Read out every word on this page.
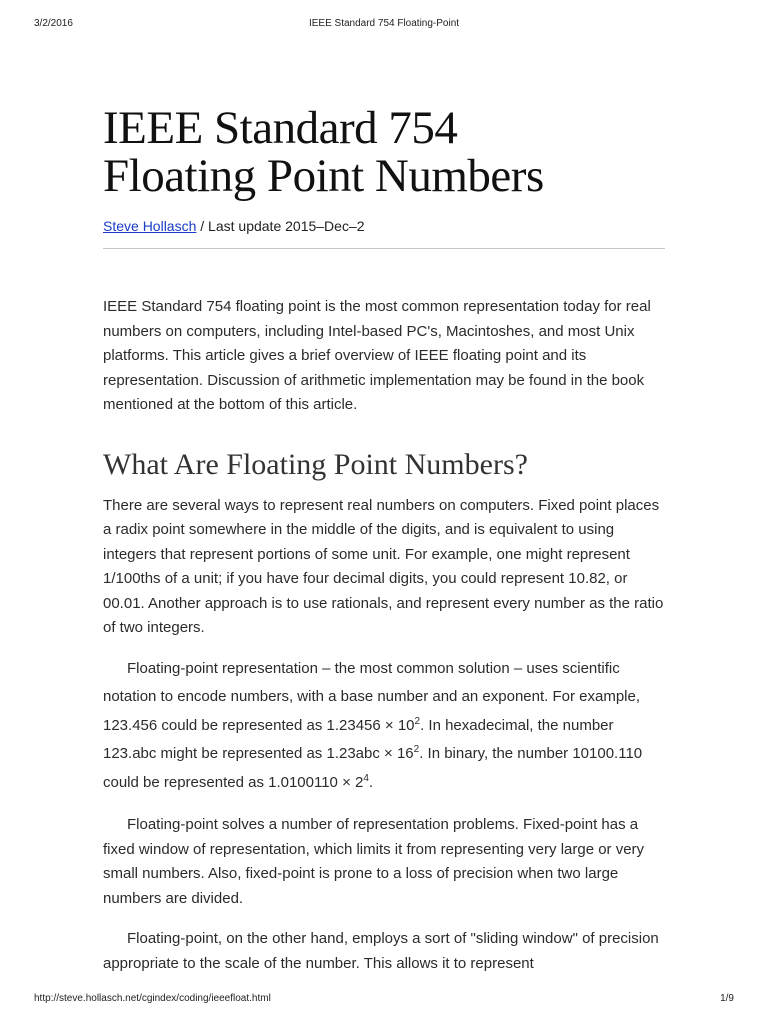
3/2/2016	IEEE Standard 754 Floating-Point
IEEE Standard 754
Floating Point Numbers
Steve Hollasch / Last update 2015–Dec–2

IEEE Standard 754 floating point is the most common representation today for real numbers on computers, including Intel-based PC's, Macintoshes, and most Unix platforms. This article gives a brief overview of IEEE floating point and its representation. Discussion of arithmetic implementation may be found in the book mentioned at the bottom of this article.

What Are Floating Point Numbers?

There are several ways to represent real numbers on computers. Fixed point places a radix point somewhere in the middle of the digits, and is equivalent to using integers that represent portions of some unit. For example, one might represent 1/100ths of a unit; if you have four decimal digits, you could represent 10.82, or 00.01. Another approach is to use rationals, and represent every number as the ratio of two integers.

Floating-point representation – the most common solution – uses scientific notation to encode numbers, with a base number and an exponent. For example, 123.456 could be represented as $1.23456 \times 10^2$. In hexadecimal, the number 123.abc might be represented as $1.23abc \times 16^2$. In binary, the number 10100.110 could be represented as $1.0100110 \times 2^4$.

Floating-point solves a number of representation problems. Fixed-point has a fixed window of representation, which limits it from representing very large or very small numbers. Also, fixed-point is prone to a loss of precision when two large numbers are divided.

Floating-point, on the other hand, employs a sort of "sliding window" of precision appropriate to the scale of the number. This allows it to represent

http://steve.hollasch.net/cgindex/coding/ieeefloat.html	1/9
